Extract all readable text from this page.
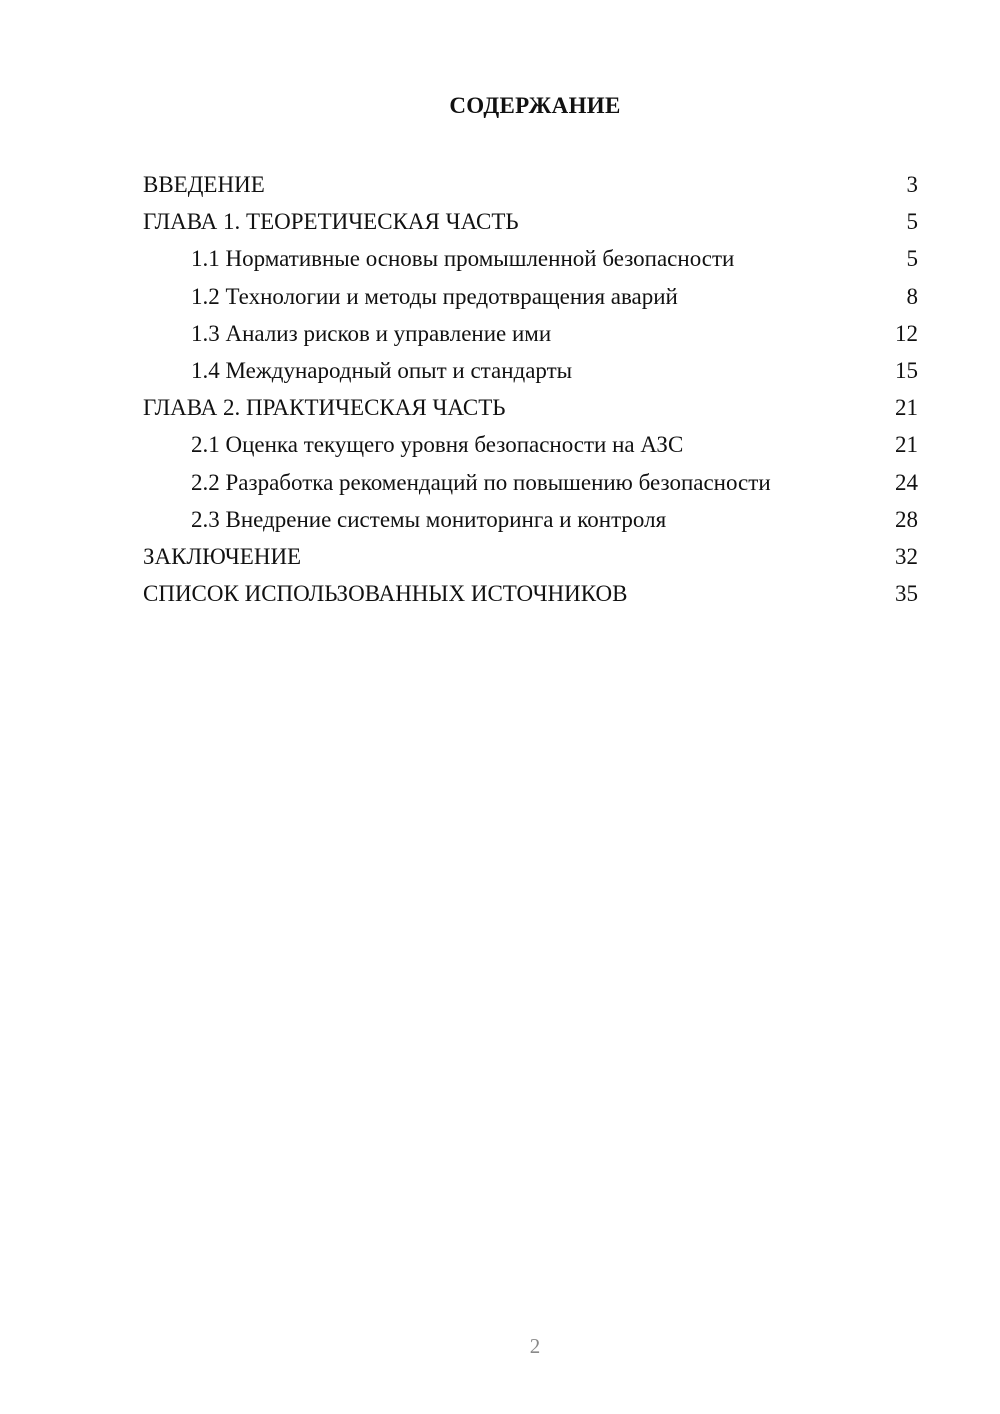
СОДЕРЖАНИЕ
ВВЕДЕНИЕ	3
ГЛАВА 1. ТЕОРЕТИЧЕСКАЯ ЧАСТЬ	5
1.1 Нормативные основы промышленной безопасности	5
1.2 Технологии и методы предотвращения аварий	8
1.3 Анализ рисков и управление ими	12
1.4 Международный опыт и стандарты	15
ГЛАВА 2. ПРАКТИЧЕСКАЯ ЧАСТЬ	21
2.1 Оценка текущего уровня безопасности на АЗС	21
2.2 Разработка рекомендаций по повышению безопасности	24
2.3 Внедрение системы мониторинга и контроля	28
ЗАКЛЮЧЕНИЕ	32
СПИСОК ИСПОЛЬЗОВАННЫХ ИСТОЧНИКОВ	35
2
